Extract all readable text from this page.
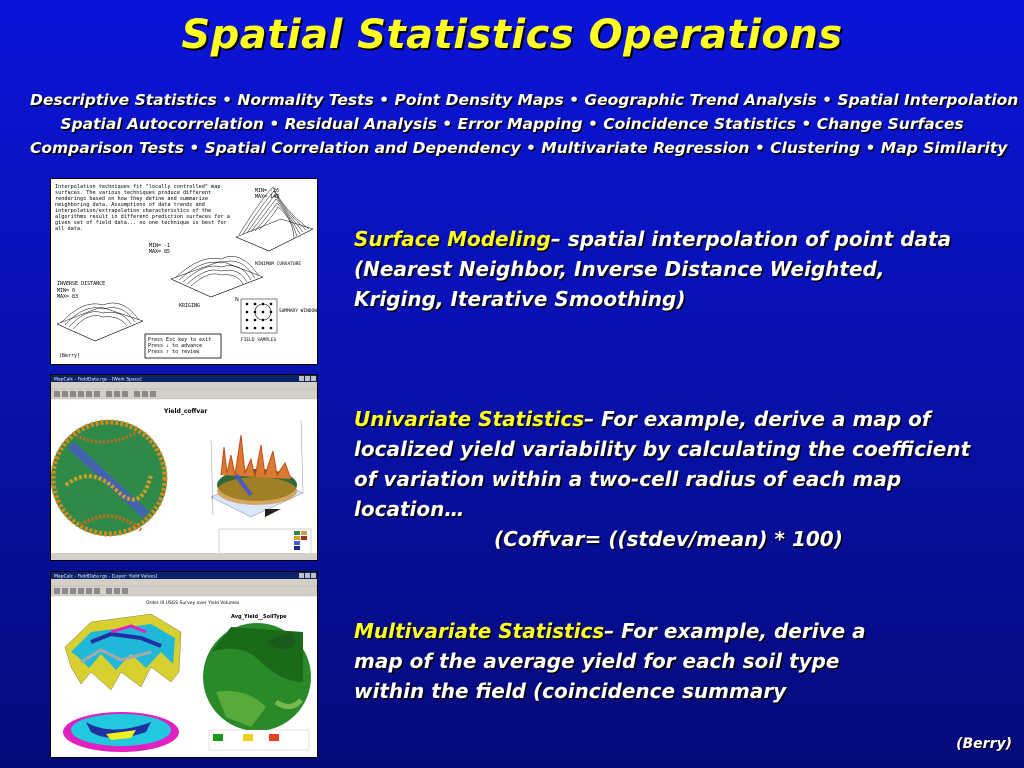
Spatial Statistics Operations
Descriptive Statistics • Normality Tests • Point Density Maps • Geographic Trend Analysis • Spatial Interpolation
Spatial Autocorrelation • Residual Analysis • Error Mapping • Coincidence Statistics • Change Surfaces
Comparison Tests • Spatial Correlation and Dependency • Multivariate Regression • Clustering • Map Similarity
Interpolation techniques fit "locally controlled" map surfaces. The various techniques produce different renderings based on how they define and summarize neighboring data. Assumptions of data trends and interpolation/extrapolation characteristics of the algorithms result in different prediction surfaces for a given set of field data... no one technique is best for all data.
MIN= -26 MAX= 143
MINIMUM CURVATURE
MIN= -1 MAX= 85
KRIGING
INVERSE DISTANCE
MIN= 0 MAX= 83	N
SUMMARY WINDOW
FIELD SAMPLES
Press Esc key to exit Press ↓ to advance Press ↑ to review
(Berry)
MapCalc - FieldData.rgs - [Work Space]
Yield_coffvar
MapCalc - FieldData.rgs - [Layer: Yield Values]
Order III USGS Survey over Yield Volumes
Avg_Yield__SoilType
Surface Modeling– spatial interpolation of point data (Nearest Neighbor, Inverse Distance Weighted, Kriging, Iterative Smoothing)
Univariate Statistics– For example, derive a map of localized yield variability by calculating the coefficient of variation within a two-cell radius of each map location…
(Coffvar= ((stdev/mean) * 100)
Multivariate Statistics– For example, derive a map of the average yield for each soil type within the field (coincidence summary
(Berry)
